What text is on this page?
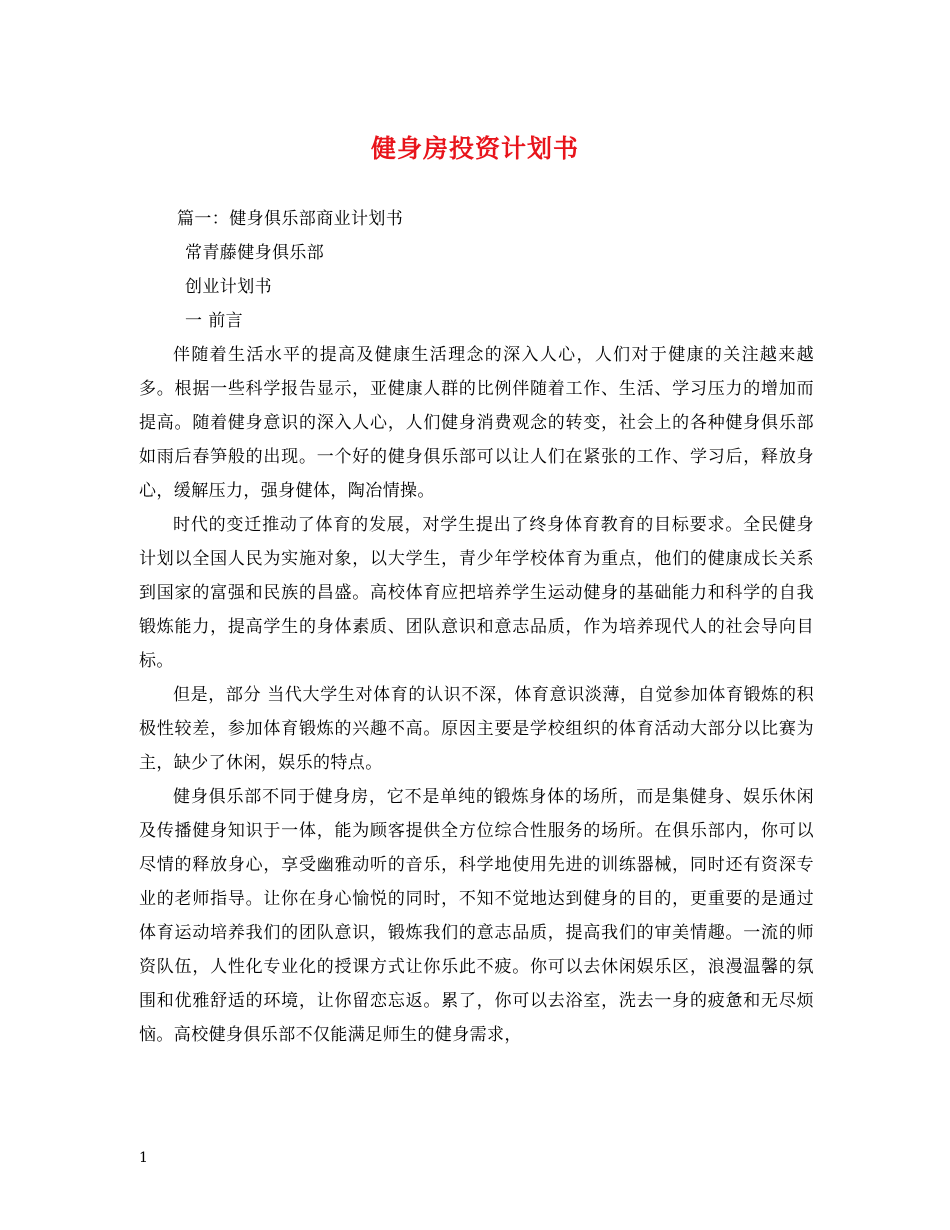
健身房投资计划书

篇一：健身俱乐部商业计划书

常青藤健身俱乐部

创业计划书

一 前言

伴随着生活水平的提高及健康生活理念的深入人心，人们对于健康的关注越来越多。根据一些科学报告显示，亚健康人群的比例伴随着工作、生活、学习压力的增加而提高。随着健身意识的深入人心，人们健身消费观念的转变，社会上的各种健身俱乐部如雨后春笋般的出现。一个好的健身俱乐部可以让人们在紧张的工作、学习后，释放身心，缓解压力，强身健体，陶冶情操。

时代的变迁推动了体育的发展，对学生提出了终身体育教育的目标要求。全民健身计划以全国人民为实施对象，以大学生，青少年学校体育为重点，他们的健康成长关系到国家的富强和民族的昌盛。高校体育应把培养学生运动健身的基础能力和科学的自我锻炼能力，提高学生的身体素质、团队意识和意志品质，作为培养现代人的社会导向目标。

但是，部分 当代大学生对体育的认识不深，体育意识淡薄，自觉参加体育锻炼的积极性较差，参加体育锻炼的兴趣不高。原因主要是学校组织的体育活动大部分以比赛为主，缺少了休闲，娱乐的特点。

健身俱乐部不同于健身房，它不是单纯的锻炼身体的场所，而是集健身、娱乐休闲及传播健身知识于一体，能为顾客提供全方位综合性服务的场所。在俱乐部内，你可以尽情的释放身心，享受幽雅动听的音乐，科学地使用先进的训练器械，同时还有资深专业的老师指导。让你在身心愉悦的同时，不知不觉地达到健身的目的，更重要的是通过体育运动培养我们的团队意识，锻炼我们的意志品质，提高我们的审美情趣。一流的师资队伍，人性化专业化的授课方式让你乐此不疲。你可以去休闲娱乐区，浪漫温馨的氛围和优雅舒适的环境，让你留恋忘返。累了，你可以去浴室，洗去一身的疲惫和无尽烦恼。高校健身俱乐部不仅能满足师生的健身需求，

1
